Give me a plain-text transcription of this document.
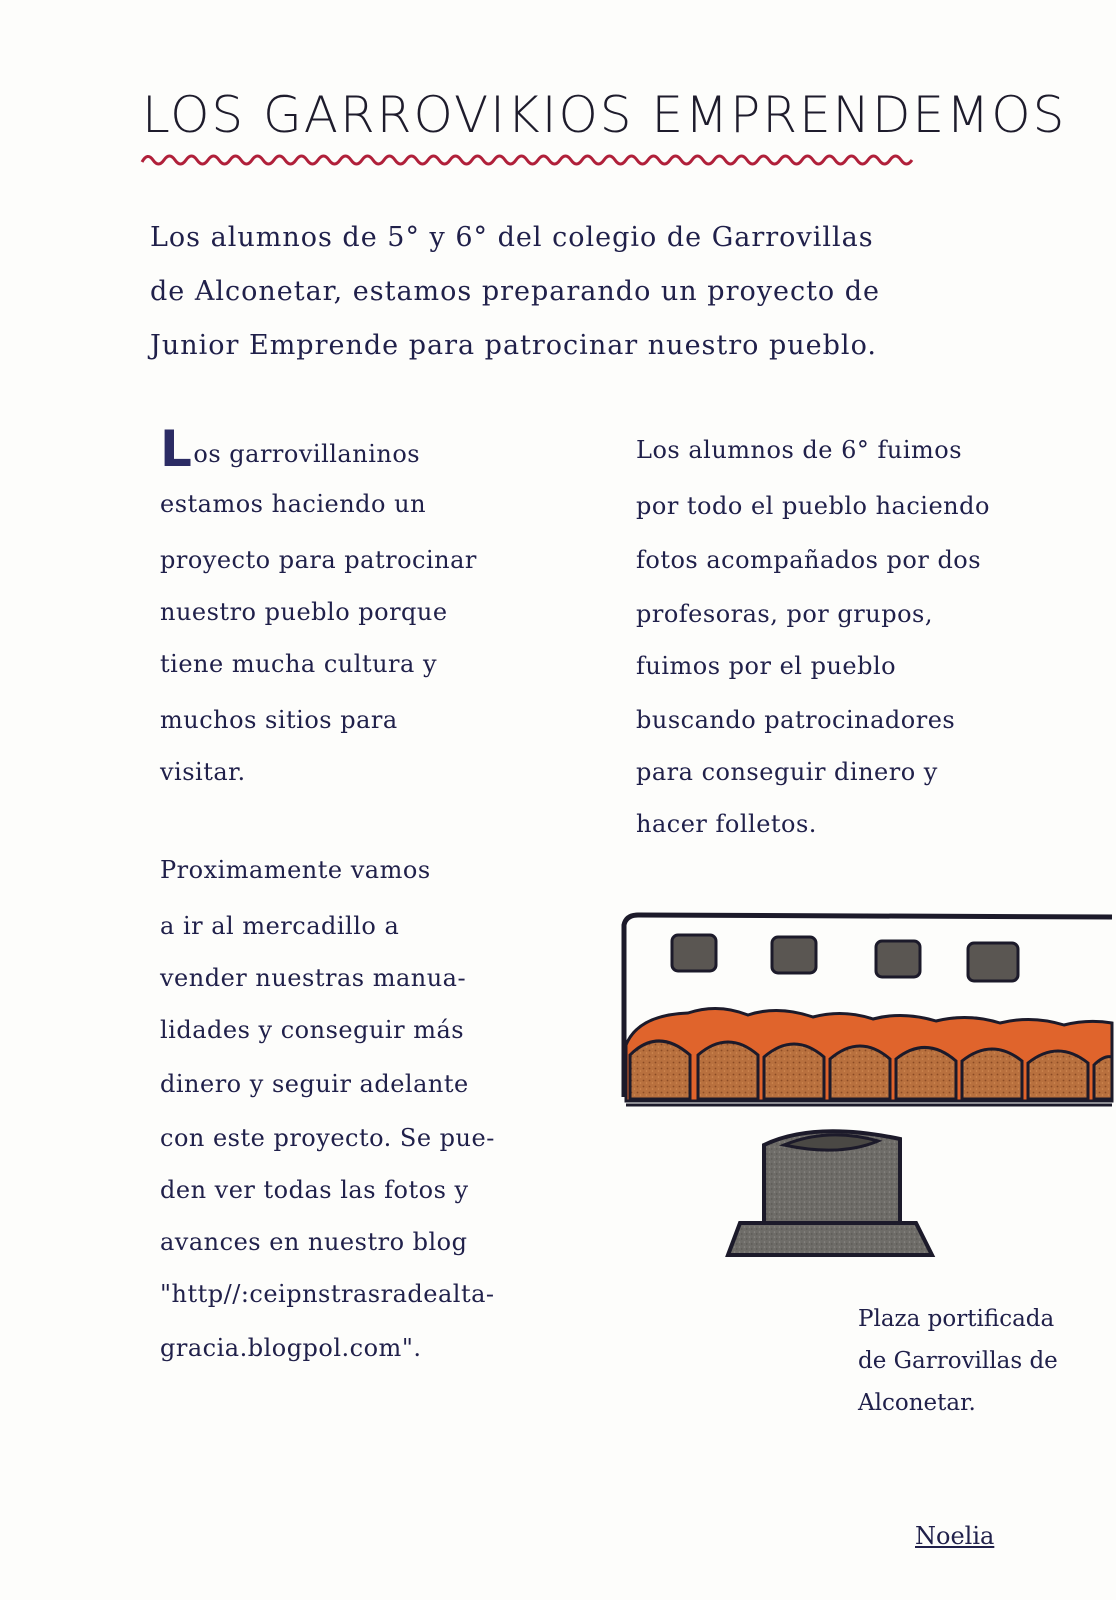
LOS GARROVIKIOS EMPRENDEMOS
Los alumnos de 5° y 6° del colegio de Garrovillas
de Alconetar, estamos preparando un proyecto de
Junior Emprende para patrocinar nuestro pueblo.
Los garrovillaninos
estamos haciendo un
proyecto para patrocinar
nuestro pueblo porque
tiene mucha cultura y
muchos sitios para
visitar.
Los alumnos de 6° fuimos
por todo el pueblo haciendo
fotos acompañados por dos
profesoras, por grupos,
fuimos por el pueblo
buscando patrocinadores
para conseguir dinero y
hacer folletos.
Proximamente vamos
a ir al mercadillo a
vender nuestras manua-
lidades y conseguir más
dinero y seguir adelante
con este proyecto. Se pue-
den ver todas las fotos y
avances en nuestro blog
"http//:ceipnstrasradealta-
gracia.blogpol.com".
Plaza portificada
de Garrovillas de
Alconetar.
Noelia
